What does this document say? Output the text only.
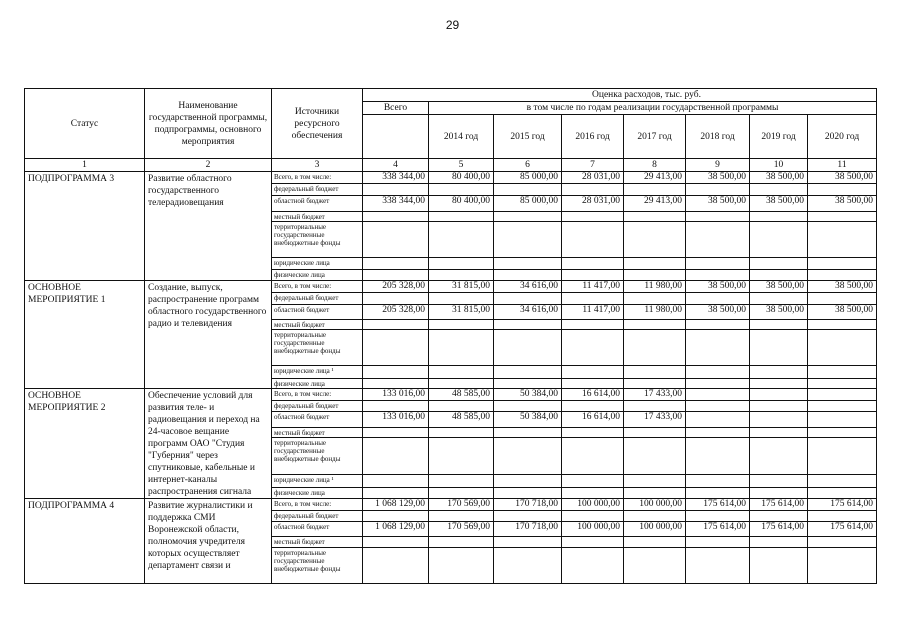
29
Статус	Наименование государственной программы, подпрограммы, основного мероприятия	Источники ресурсного обеспечения	Оценка расходов, тыс. руб.							
			Всего	в том числе по годам реализации государственной программы						
				2014 год	2015 год	2016 год	2017 год	2018 год	2019 год	2020 год
1	2	3	4	5	6	7	8	9	10	11
ПОДПРОГРАММА 3	Развитие областного государственного телерадиовещания	Всего, в том числе:	338 344,00	80 400,00	85 000,00	28 031,00	29 413,00	38 500,00	38 500,00	38 500,00
		федеральный бюджет								
		областной бюджет	338 344,00	80 400,00	85 000,00	28 031,00	29 413,00	38 500,00	38 500,00	38 500,00
		местный бюджет								
		территориальные государственные внебюджетные фонды								
		юридические лица								
		физические лица								
ОСНОВНОЕ МЕРОПРИЯТИЕ 1	Создание, выпуск, распространение программ областного государственного радио и телевидения	Всего, в том числе:	205 328,00	31 815,00	34 616,00	11 417,00	11 980,00	38 500,00	38 500,00	38 500,00
		федеральный бюджет								
		областной бюджет	205 328,00	31 815,00	34 616,00	11 417,00	11 980,00	38 500,00	38 500,00	38 500,00
		местный бюджет								
		территориальные государственные внебюджетные фонды								
		юридические лица ¹								
		физические лица								
ОСНОВНОЕ МЕРОПРИЯТИЕ 2	Обеспечение условий для развития теле- и радиовещания и переход на 24-часовое вещание программ ОАО "Студия "Губерния" через спутниковые, кабельные и интернет-каналы распространения сигнала	Всего, в том числе:	133 016,00	48 585,00	50 384,00	16 614,00	17 433,00			
		федеральный бюджет								
		областной бюджет	133 016,00	48 585,00	50 384,00	16 614,00	17 433,00			
		местный бюджет								
		территориальные государственные внебюджетные фонды								
		юридические лица ¹								
		физические лица								
ПОДПРОГРАММА 4	Развитие журналистики и поддержка СМИ Воронежской области, полномочия учредителя которых осуществляет департамент связи и	Всего, в том числе:	1 068 129,00	170 569,00	170 718,00	100 000,00	100 000,00	175 614,00	175 614,00	175 614,00
		федеральный бюджет								
		областной бюджет	1 068 129,00	170 569,00	170 718,00	100 000,00	100 000,00	175 614,00	175 614,00	175 614,00
		местный бюджет								
		территориальные государственные внебюджетные фонды								
